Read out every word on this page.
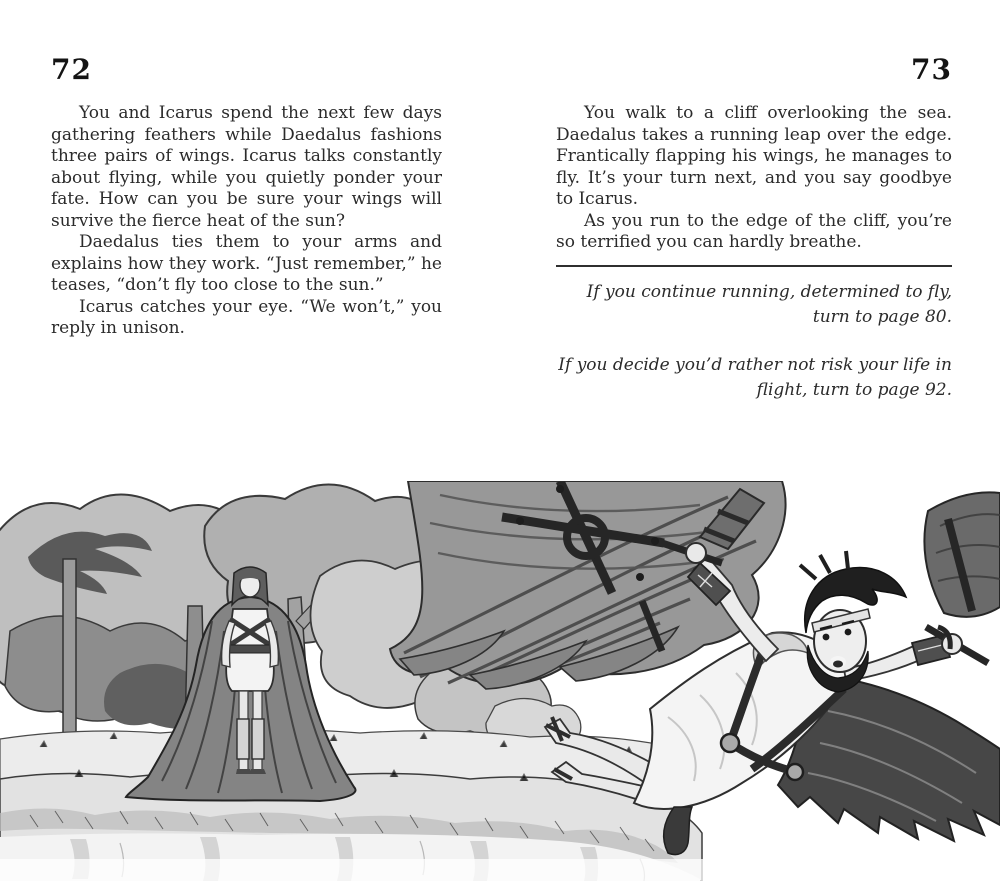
72

You and Icarus spend the next few days gathering feathers while Daedalus fashions three pairs of wings. Icarus talks constantly about flying, while you quietly ponder your fate. How can you be sure your wings will survive the fierce heat of the sun?

Daedalus ties them to your arms and explains how they work. “Just remember,” he teases, “don’t fly too close to the sun.”

Icarus catches your eye. “We won’t,” you reply in unison.

73

You walk to a cliff overlooking the sea. Daedalus takes a running leap over the edge. Frantically flapping his wings, he manages to fly. It’s your turn next, and you say goodbye to Icarus.

As you run to the edge of the cliff, you’re so terrified you can hardly breathe.

If you continue running, determined to fly, turn to page 80.

If you decide you’d rather not risk your life in flight, turn to page 92.
